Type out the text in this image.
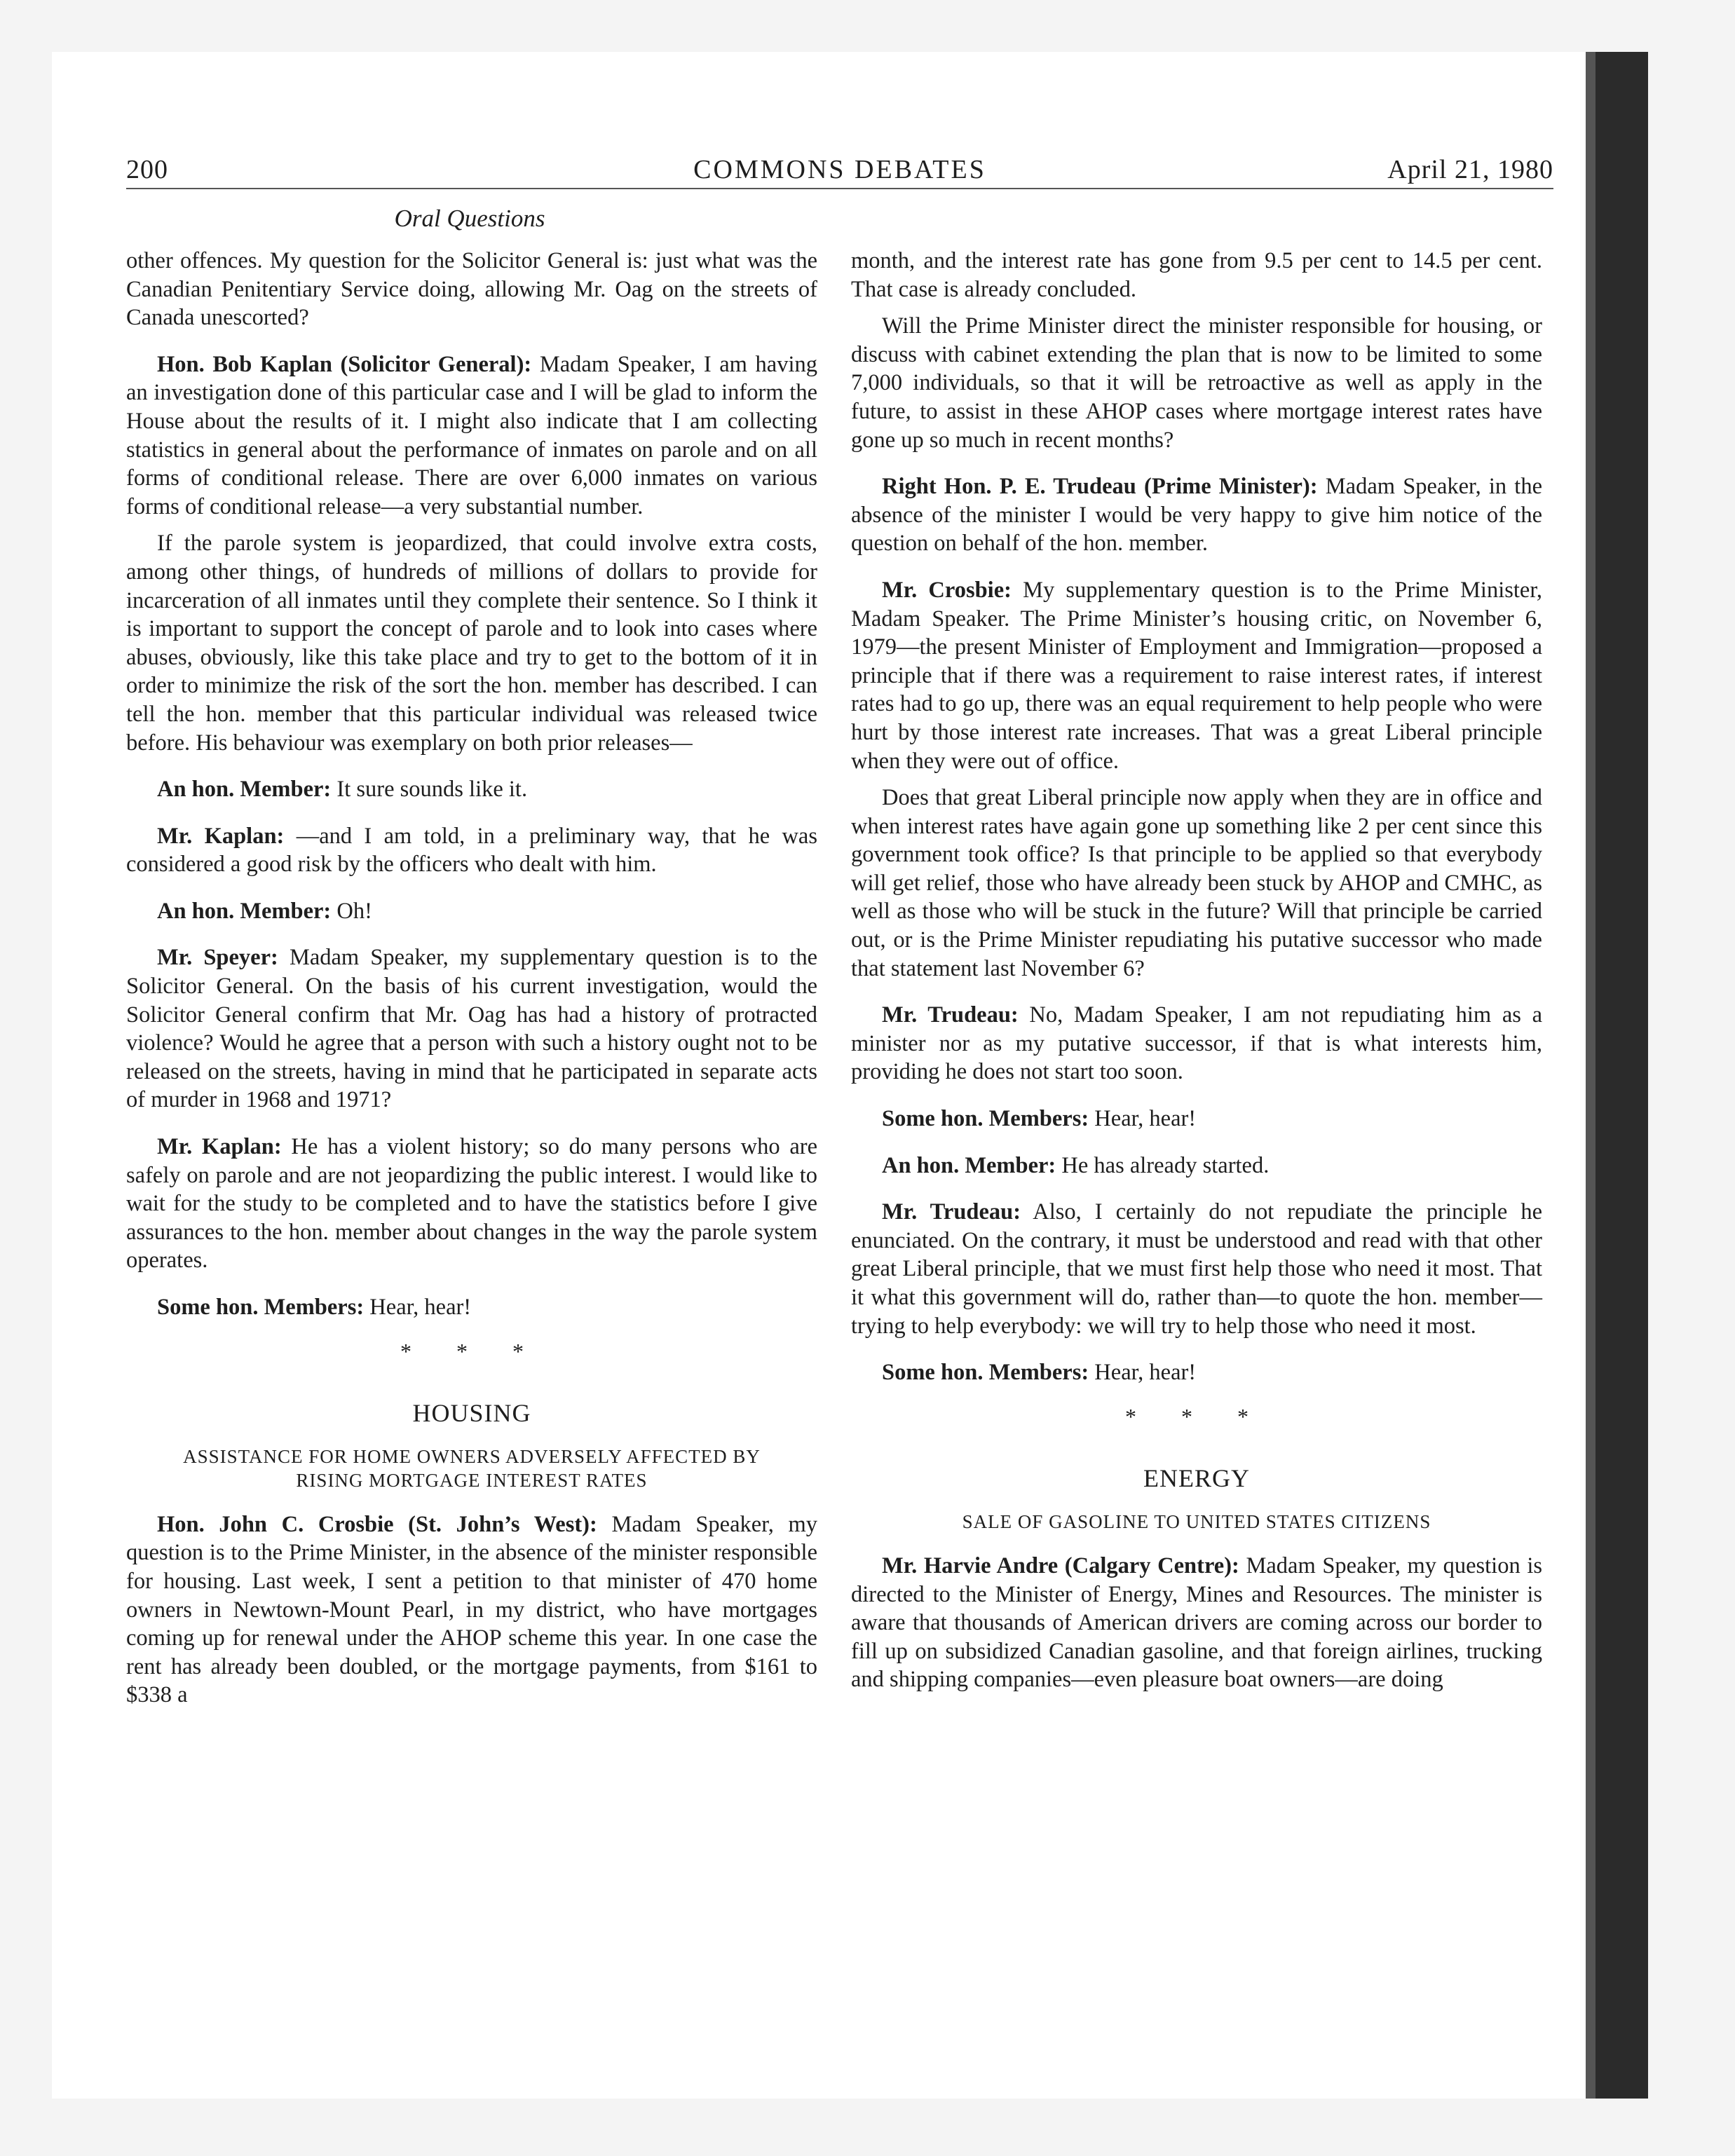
COMMONS DEBATES
200	April 21, 1980
Oral Questions

other offences. My question for the Solicitor General is: just what was the Canadian Penitentiary Service doing, allowing Mr. Oag on the streets of Canada unescorted?

Hon. Bob Kaplan (Solicitor General): Madam Speaker, I am having an investigation done of this particular case and I will be glad to inform the House about the results of it. I might also indicate that I am collecting statistics in general about the performance of inmates on parole and on all forms of conditional release. There are over 6,000 inmates on various forms of conditional release—a very substantial number.

If the parole system is jeopardized, that could involve extra costs, among other things, of hundreds of millions of dollars to provide for incarceration of all inmates until they complete their sentence. So I think it is important to support the concept of parole and to look into cases where abuses, obviously, like this take place and try to get to the bottom of it in order to minimize the risk of the sort the hon. member has described. I can tell the hon. member that this particular individual was released twice before. His behaviour was exemplary on both prior releases—

An hon. Member: It sure sounds like it.

Mr. Kaplan: —and I am told, in a preliminary way, that he was considered a good risk by the officers who dealt with him.

An hon. Member: Oh!

Mr. Speyer: Madam Speaker, my supplementary question is to the Solicitor General. On the basis of his current investigation, would the Solicitor General confirm that Mr. Oag has had a history of protracted violence? Would he agree that a person with such a history ought not to be released on the streets, having in mind that he participated in separate acts of murder in 1968 and 1971?

Mr. Kaplan: He has a violent history; so do many persons who are safely on parole and are not jeopardizing the public interest. I would like to wait for the study to be completed and to have the statistics before I give assurances to the hon. member about changes in the way the parole system operates.

Some hon. Members: Hear, hear!

* * *
HOUSING
ASSISTANCE FOR HOME OWNERS ADVERSELY AFFECTED BY RISING MORTGAGE INTEREST RATES

Hon. John C. Crosbie (St. John’s West): Madam Speaker, my question is to the Prime Minister, in the absence of the minister responsible for housing. Last week, I sent a petition to that minister of 470 home owners in Newtown-Mount Pearl, in my district, who have mortgages coming up for renewal under the AHOP scheme this year. In one case the rent has already been doubled, or the mortgage payments, from $161 to $338 a

month, and the interest rate has gone from 9.5 per cent to 14.5 per cent. That case is already concluded.

Will the Prime Minister direct the minister responsible for housing, or discuss with cabinet extending the plan that is now to be limited to some 7,000 individuals, so that it will be retroactive as well as apply in the future, to assist in these AHOP cases where mortgage interest rates have gone up so much in recent months?

Right Hon. P. E. Trudeau (Prime Minister): Madam Speaker, in the absence of the minister I would be very happy to give him notice of the question on behalf of the hon. member.

Mr. Crosbie: My supplementary question is to the Prime Minister, Madam Speaker. The Prime Minister’s housing critic, on November 6, 1979—the present Minister of Employment and Immigration—proposed a principle that if there was a requirement to raise interest rates, if interest rates had to go up, there was an equal requirement to help people who were hurt by those interest rate increases. That was a great Liberal principle when they were out of office.

Does that great Liberal principle now apply when they are in office and when interest rates have again gone up something like 2 per cent since this government took office? Is that principle to be applied so that everybody will get relief, those who have already been stuck by AHOP and CMHC, as well as those who will be stuck in the future? Will that principle be carried out, or is the Prime Minister repudiating his putative successor who made that statement last November 6?

Mr. Trudeau: No, Madam Speaker, I am not repudiating him as a minister nor as my putative successor, if that is what interests him, providing he does not start too soon.

Some hon. Members: Hear, hear!

An hon. Member: He has already started.

Mr. Trudeau: Also, I certainly do not repudiate the principle he enunciated. On the contrary, it must be understood and read with that other great Liberal principle, that we must first help those who need it most. That it what this government will do, rather than—to quote the hon. member—trying to help everybody: we will try to help those who need it most.

Some hon. Members: Hear, hear!

* * *
ENERGY
SALE OF GASOLINE TO UNITED STATES CITIZENS

Mr. Harvie Andre (Calgary Centre): Madam Speaker, my question is directed to the Minister of Energy, Mines and Resources. The minister is aware that thousands of American drivers are coming across our border to fill up on subsidized Canadian gasoline, and that foreign airlines, trucking and shipping companies—even pleasure boat owners—are doing
